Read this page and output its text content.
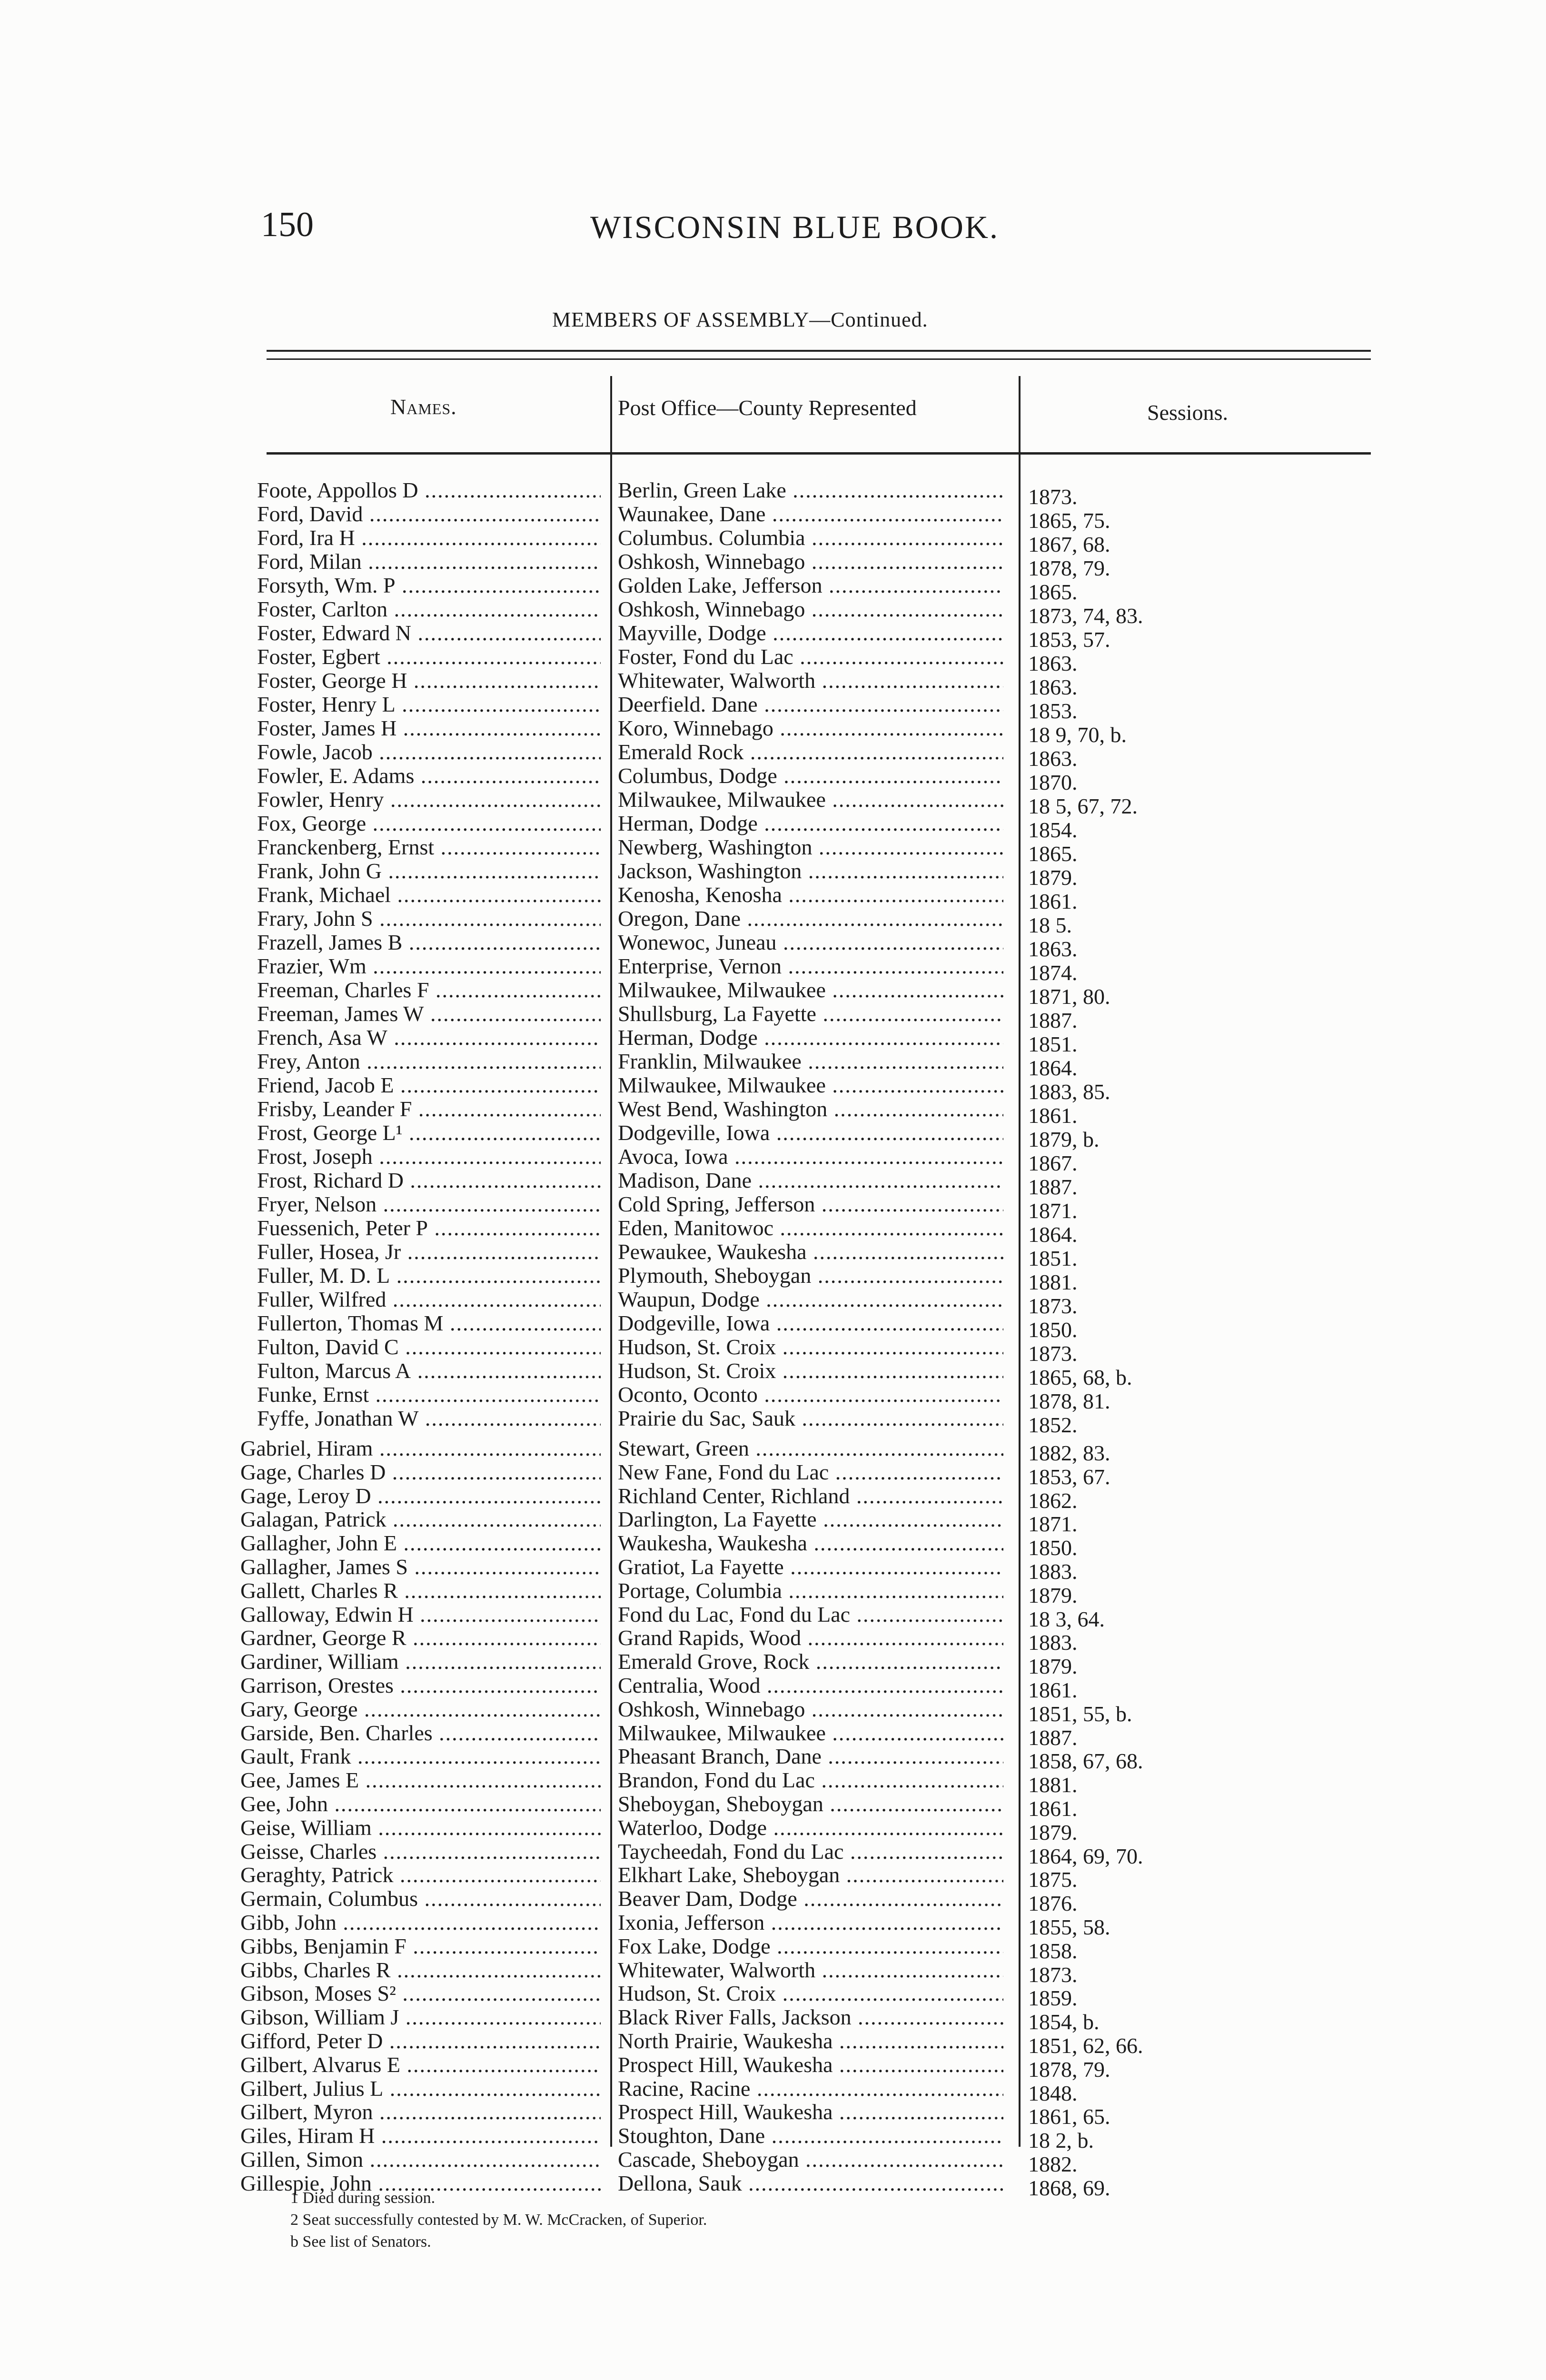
150	WISCONSIN BLUE BOOK.
MEMBERS OF ASSEMBLY—Continued.
Names.	Post Office—County Represented	Sessions.
Foote, Appollos D .....	Berlin, Green Lake .....	1873.
Ford, David .....	Waunakee, Dane .....	1865, 75.
Ford, Ira H .....	Columbus. Columbia .....	1867, 68.
Ford, Milan .....	Oshkosh, Winnebago .....	1878, 79.
Forsyth, Wm. P .....	Golden Lake, Jefferson .....	1865.
Foster, Carlton .....	Oshkosh, Winnebago .....	1873, 74, 83.
Foster, Edward N .....	Mayville, Dodge .....	1853, 57.
Foster, Egbert .....	Foster, Fond du Lac .....	1863.
Foster, George H .....	Whitewater, Walworth .....	1863.
Foster, Henry L .....	Deerfield. Dane .....	1853.
Foster, James H .....	Koro, Winnebago .....	18 9, 70, b.
Fowle, Jacob .....	Emerald Rock .....	1863.
Fowler, E. Adams .....	Columbus, Dodge .....	1870.
Fowler, Henry .....	Milwaukee, Milwaukee .....	18 5, 67, 72.
Fox, George .....	Herman, Dodge .....	1854.
Franckenberg, Ernst .....	Newberg, Washington .....	1865.
Frank, John G .....	Jackson, Washington .....	1879.
Frank, Michael .....	Kenosha, Kenosha .....	1861.
Frary, John S .....	Oregon, Dane .....	18 5.
Frazell, James B .....	Wonewoc, Juneau .....	1863.
Frazier, Wm .....	Enterprise, Vernon .....	1874.
Freeman, Charles F .....	Milwaukee, Milwaukee .....	1871, 80.
Freeman, James W .....	Shullsburg, La Fayette .....	1887.
French, Asa W .....	Herman, Dodge .....	1851.
Frey, Anton .....	Franklin, Milwaukee .....	1864.
Friend, Jacob E .....	Milwaukee, Milwaukee .....	1883, 85.
Frisby, Leander F .....	West Bend, Washington .....	1861.
Frost, George L¹ .....	Dodgeville, Iowa .....	1879, b.
Frost, Joseph .....	Avoca, Iowa .....	1867.
Frost, Richard D .....	Madison, Dane .....	1887.
Fryer, Nelson .....	Cold Spring, Jefferson .....	1871.
Fuessenich, Peter P .....	Eden, Manitowoc .....	1864.
Fuller, Hosea, Jr .....	Pewaukee, Waukesha .....	1851.
Fuller, M. D. L .....	Plymouth, Sheboygan .....	1881.
Fuller, Wilfred .....	Waupun, Dodge .....	1873.
Fullerton, Thomas M .....	Dodgeville, Iowa .....	1850.
Fulton, David C .....	Hudson, St. Croix .....	1873.
Fulton, Marcus A .....	Hudson, St. Croix .....	1865, 68, b.
Funke, Ernst .....	Oconto, Oconto .....	1878, 81.
Fyffe, Jonathan W .....	Prairie du Sac, Sauk .....	1852.
Gabriel, Hiram .....	Stewart, Green .....	1882, 83.
Gage, Charles D .....	New Fane, Fond du Lac .....	1853, 67.
Gage, Leroy D .....	Richland Center, Richland .....	1862.
Galagan, Patrick .....	Darlington, La Fayette .....	1871.
Gallagher, John E .....	Waukesha, Waukesha .....	1850.
Gallagher, James S .....	Gratiot, La Fayette .....	1883.
Gallett, Charles R .....	Portage, Columbia .....	1879.
Galloway, Edwin H .....	Fond du Lac, Fond du Lac .....	18 3, 64.
Gardner, George R .....	Grand Rapids, Wood .....	1883.
Gardiner, William .....	Emerald Grove, Rock .....	1879.
Garrison, Orestes .....	Centralia, Wood .....	1861.
Gary, George .....	Oshkosh, Winnebago .....	1851, 55, b.
Garside, Ben. Charles .....	Milwaukee, Milwaukee .....	1887.
Gault, Frank .....	Pheasant Branch, Dane .....	1858, 67, 68.
Gee, James E .....	Brandon, Fond du Lac .....	1881.
Gee, John .....	Sheboygan, Sheboygan .....	1861.
Geise, William .....	Waterloo, Dodge .....	1879.
Geisse, Charles .....	Taycheedah, Fond du Lac .....	1864, 69, 70.
Geraghty, Patrick .....	Elkhart Lake, Sheboygan .....	1875.
Germain, Columbus .....	Beaver Dam, Dodge .....	1876.
Gibb, John .....	Ixonia, Jefferson .....	1855, 58.
Gibbs, Benjamin F .....	Fox Lake, Dodge .....	1858.
Gibbs, Charles R .....	Whitewater, Walworth .....	1873.
Gibson, Moses S² .....	Hudson, St. Croix .....	1859.
Gibson, William J .....	Black River Falls, Jackson .....	1854, b.
Gifford, Peter D .....	North Prairie, Waukesha .....	1851, 62, 66.
Gilbert, Alvarus E .....	Prospect Hill, Waukesha .....	1878, 79.
Gilbert, Julius L .....	Racine, Racine .....	1848.
Gilbert, Myron .....	Prospect Hill, Waukesha .....	1861, 65.
Giles, Hiram H .....	Stoughton, Dane .....	18 2, b.
Gillen, Simon .....	Cascade, Sheboygan .....	1882.
Gillespie, John .....	Dellona, Sauk .....	1868, 69.
1 Died during session.
2 Seat successfully contested by M. W. McCracken, of Superior.
b See list of Senators.
